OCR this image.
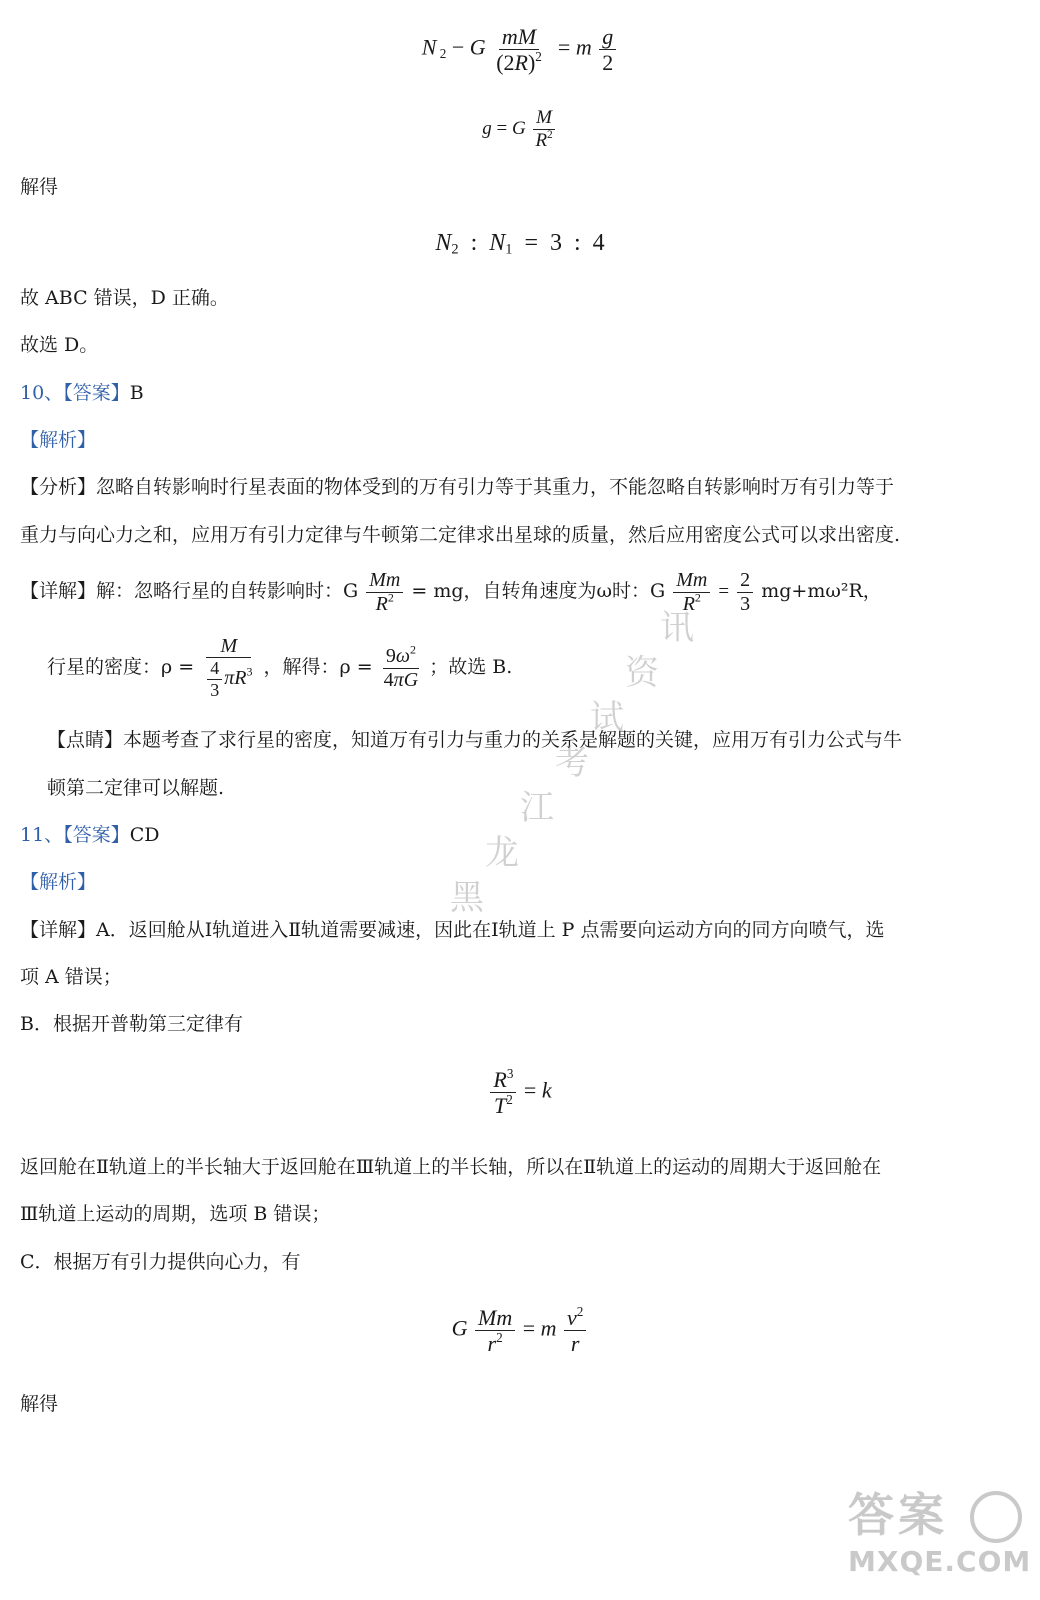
N $_2$ − G $\frac{mM}{(2R)^2} = m \frac{g}{2}$
g = G $\frac{M}{R^2}$
解得
$N_2$  :  $N_1 = 3$  :  4
故 ABC 错误，D 正确。
故选 D。
10、【答案】B
【解析】
【分析】忽略自转影响时行星表面的物体受到的万有引力等于其重力，不能忽略自转影响时万有引力等于
重力与向心力之和，应用万有引力定律与牛顿第二定律求出星球的质量，然后应用密度公式可以求出密度.
【详解】解：忽略行星的自转影响时：G $\frac{Mm}{R^2}$ = mg，自转角速度为ω时：G $\frac{Mm}{R^2} = \frac{2}{3} mg+m\omega^2R$，
行星的密度：$\rho = \frac{M}{\frac{4}{3} \pi R^3}$ ，解得：$\rho = \frac{9\omega^2}{4\pi G}$ ；故选 B.
【点睛】本题考查了求行星的密度，知道万有引力与重力的关系是解题的关键，应用万有引力公式与牛
顿第二定律可以解题.
11、【答案】CD
【解析】
【详解】A．返回舱从Ⅰ轨道进入Ⅱ轨道需要减速，因此在Ⅰ轨道上 P 点需要向运动方向的同方向喷气，选
项 A 错误；
B．根据开普勒第三定律有
$\frac{R^3}{T^2} = k$
返回舱在Ⅱ轨道上的半长轴大于返回舱在Ⅲ轨道上的半长轴，所以在Ⅱ轨道上的运动的周期大于返回舱在
Ⅲ轨道上运动的周期，选项 B 错误；
C．根据万有引力提供向心力，有
G $\frac{Mm}{r^2} = m \frac{v^2}{r}$
解得
黑
龙
江
考
试
资
讯
答案
MXQE.COM
